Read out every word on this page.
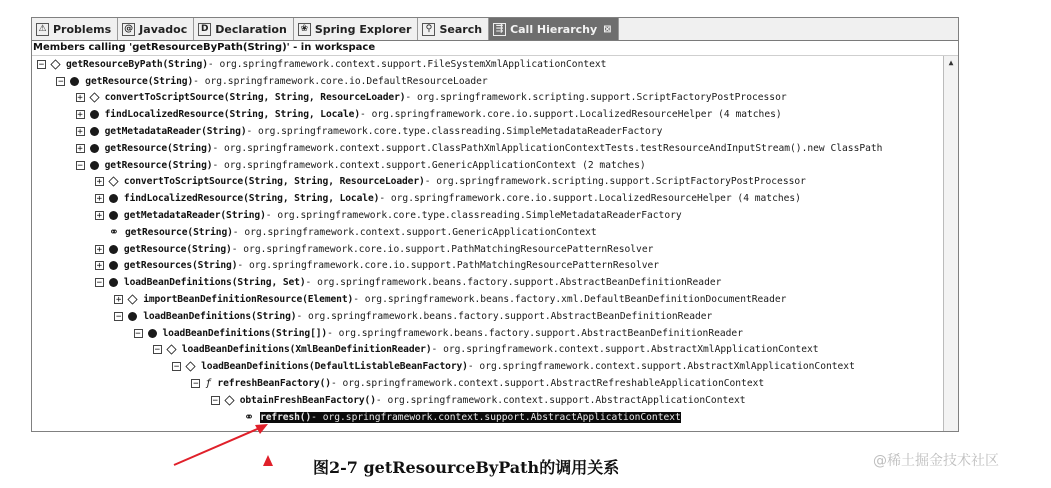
⚠ Problems @ Javadoc	D Declaration	❀ Spring Explorer	⚲ Search	⇶ Call Hierarchy ⊠
Members calling 'getResourceByPath(String)' - in workspace
− getResourceByPath(String) - org.springframework.context.support.FileSystemXmlApplicationContext
− getResource(String) - org.springframework.core.io.DefaultResourceLoader
+ convertToScriptSource(String, String, ResourceLoader) - org.springframework.scripting.support.ScriptFactoryPostProcessor
+ findLocalizedResource(String, String, Locale) - org.springframework.core.io.support.LocalizedResourceHelper (4 matches)
+ getMetadataReader(String) - org.springframework.core.type.classreading.SimpleMetadataReaderFactory
+ getResource(String) - org.springframework.context.support.ClassPathXmlApplicationContextTests.testResourceAndInputStream().new ClassPath
− getResource(String) - org.springframework.context.support.GenericApplicationContext (2 matches)
+ convertToScriptSource(String, String, ResourceLoader) - org.springframework.scripting.support.ScriptFactoryPostProcessor
+ findLocalizedResource(String, String, Locale) - org.springframework.core.io.support.LocalizedResourceHelper (4 matches)
+ getMetadataReader(String) - org.springframework.core.type.classreading.SimpleMetadataReaderFactory
⚭ getResource(String) - org.springframework.context.support.GenericApplicationContext
+ getResource(String) - org.springframework.core.io.support.PathMatchingResourcePatternResolver
+ getResources(String) - org.springframework.core.io.support.PathMatchingResourcePatternResolver
− loadBeanDefinitions(String, Set) - org.springframework.beans.factory.support.AbstractBeanDefinitionReader
+ importBeanDefinitionResource(Element) - org.springframework.beans.factory.xml.DefaultBeanDefinitionDocumentReader
− loadBeanDefinitions(String) - org.springframework.beans.factory.support.AbstractBeanDefinitionReader
− loadBeanDefinitions(String[]) - org.springframework.beans.factory.support.AbstractBeanDefinitionReader
− loadBeanDefinitions(XmlBeanDefinitionReader) - org.springframework.context.support.AbstractXmlApplicationContext
− loadBeanDefinitions(DefaultListableBeanFactory) - org.springframework.context.support.AbstractXmlApplicationContext
− ƒ refreshBeanFactory() - org.springframework.context.support.AbstractRefreshableApplicationContext
− obtainFreshBeanFactory() - org.springframework.context.support.AbstractApplicationContext
⚭ refresh() - org.springframework.context.support.AbstractApplicationContext
▲
图2-7 getResourceByPath的调用关系	@稀土掘金技术社区
